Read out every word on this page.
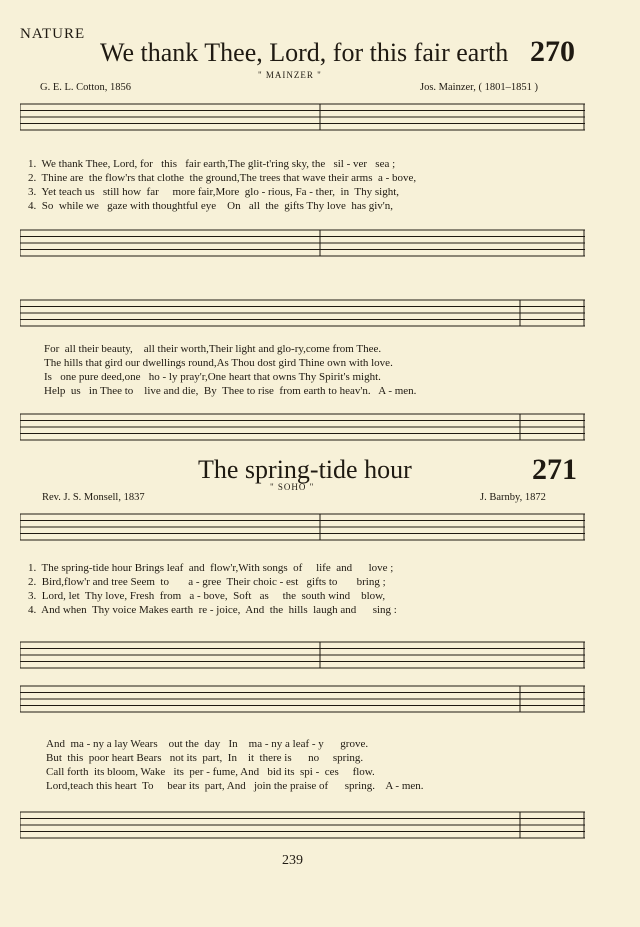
NATURE
We thank Thee, Lord, for this fair earth 270
G. E. L. Cotton, 1856
" MAINZER "
Jos. Mainzer, ( 1801–1851 )
1.  We thank Thee, Lord, for   this   fair earth,The glit-t'ring sky, the   sil - ver   sea ;
2.  Thine are  the flow'rs that clothe  the ground,The trees that wave their arms  a - bove,
3.  Yet teach us   still how  far     more fair,More  glo - rious, Fa - ther,  in  Thy sight,
4.  So  while we   gaze with thoughtful eye    On   all  the  gifts Thy love  has giv'n,
For  all their beauty,    all their worth,Their light and glo-ry,come from Thee.
The hills that gird our dwellings round,As Thou dost gird Thine own with love.
Is   one pure deed,one   ho - ly pray'r,One heart that owns Thy Spirit's might.
Help  us   in Thee to    live and die,  By  Thee to rise  from earth to heav'n.   A - men.
The spring-tide hour	271
Rev. J. S. Monsell, 1837
" SOHO "
J. Barnby, 1872
1.  The spring-tide hour Brings leaf  and  flow'r,With songs  of     life  and      love ;
2.  Bird,flow'r and tree Seem  to       a - gree  Their choic - est   gifts to       bring ;
3.  Lord, let  Thy love, Fresh  from   a - bove,  Soft   as     the  south wind    blow,
4.  And when  Thy voice Makes earth  re - joice,  And  the  hills  laugh and      sing :
And  ma - ny a lay Wears    out the  day   In    ma - ny a leaf - y      grove.
But  this  poor heart Bears   not its  part,  In    it  there is      no     spring.
Call forth  its bloom, Wake   its  per - fume, And   bid its  spi -  ces     flow.
Lord,teach this heart  To     bear its  part, And   join the praise of      spring.    A - men.
239
